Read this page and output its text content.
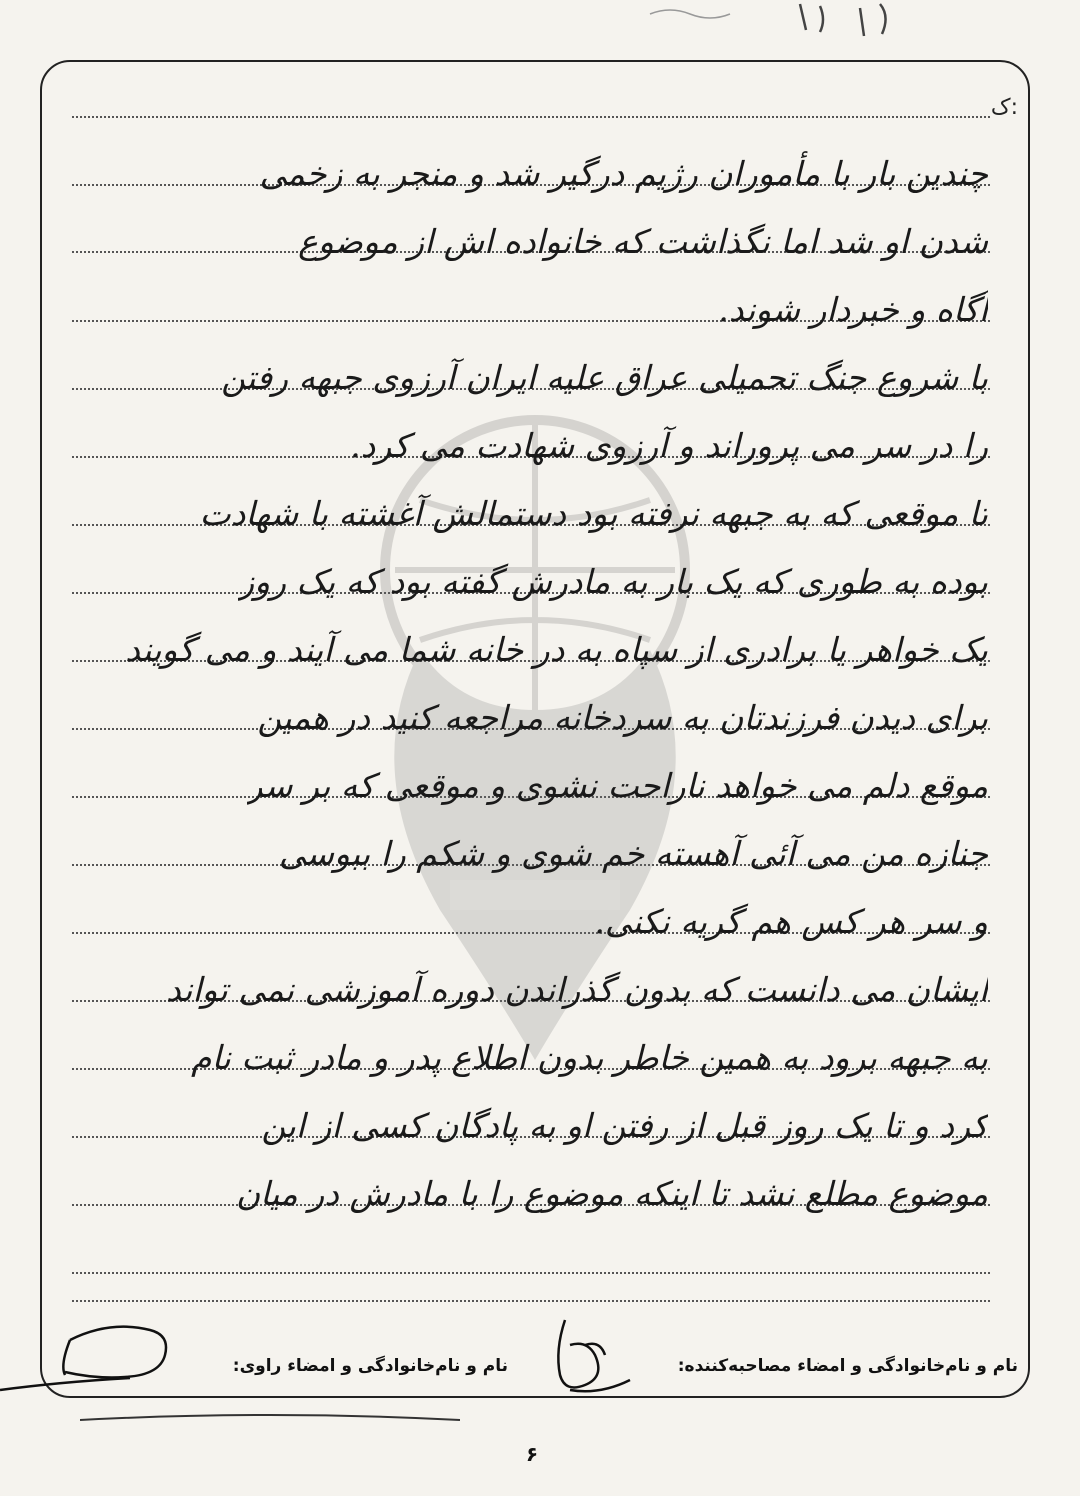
ک:
چندین بار با مأموران رژیم درگیر شد و منجر به زخمی
شدن او شد اما نگذاشت که خانواده اش از موضوع
آگاه و خبردار شوند.
با شروع جنگ تحمیلی عراق علیه ایران آرزوی جبهه رفتن
را در سر می پروراند و آرزوی شهادت می کرد.
تا موقعی که به جبهه نرفته بود دستمالش آغشته با شهادت
بوده به طوری که یک بار به مادرش گفته بود که یک روز
یک خواهر یا برادری از سپاه به در خانه شما می آیند و می گویند
برای دیدن فرزندتان به سردخانه مراجعه کنید در همین
موقع دلم می خواهد ناراحت نشوی و موقعی که بر سر
جنازه من می آئی آهسته خم شوی و شکم را ببوسی
و سر هر کس هم گریه نکنی.
ایشان می دانست که بدون گذراندن دوره آموزشی نمی تواند
به جبهه برود به همین خاطر بدون اطلاع پدر و مادر ثبت نام
کرد و تا یک روز قبل از رفتن او به پادگان کسی از این
موضوع مطلع نشد تا اینکه موضوع را با مادرش در میان
نام و نام‌خانوادگی و امضاء مصاحبه‌کننده:
نام و نام‌خانوادگی و امضاء راوی:
۶
